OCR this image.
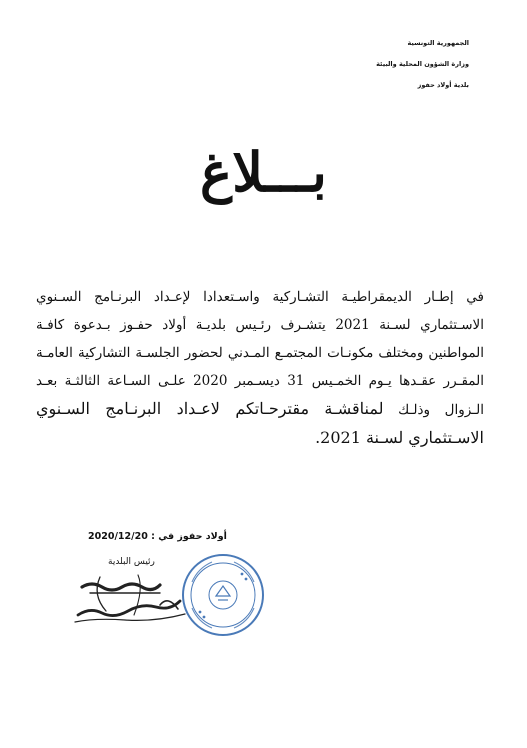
الجمهورية التونسية
وزارة الشؤون المحلية والبيئة
بلدية أولاد حفوز
بـــلاغ
في إطـار الديمقراطيـة التشـاركية واسـتعدادا لإعـداد البرنـامج السـنوي الاسـتثماري لسـنة 2021 يتشـرف رئـيس بلديـة أولاد حفـوز بـدعوة كافـة المواطنين ومختلف مكونـات المجتمـع المـدني لحضور الجلسـة التشاركية العامـة المقـرر عقـدها يـوم الخمـيس 31 ديسـمبر 2020 علـى السـاعة الثالثـة بعـد الـزوال وذلـك لمناقشـة مقترحـاتكم لاعـداد البرنـامج السـنوي الاسـتثماري لسـنة 2021.
أولاد حفوز في : 2020/12/20
رئيس البلدية
